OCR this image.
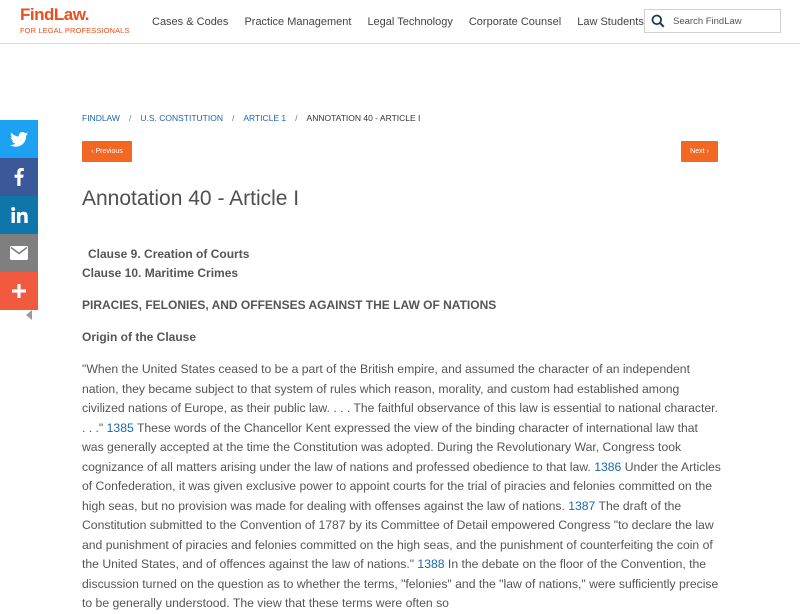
FindLaw.
FOR LEGAL PROFESSIONALS
Cases & Codes Practice Management Legal Technology Corporate Counsel Law Students
Search FindLaw
FINDLAW / U.S. CONSTITUTION / ARTICLE 1 / ANNOTATION 40 - ARTICLE I
‹ Previous	Next ›
Annotation 40 - Article I
Clause 9. Creation of Courts
Clause 10. Maritime Crimes
PIRACIES, FELONIES, AND OFFENSES AGAINST THE LAW OF NATIONS
Origin of the Clause

"When the United States ceased to be a part of the British empire, and assumed the character of an independent nation, they became subject to that system of rules which reason, morality, and custom had established among civilized nations of Europe, as their public law. . . . The faithful observance of this law is essential to national character. . . ." 1385 These words of the Chancellor Kent expressed the view of the binding character of international law that was generally accepted at the time the Constitution was adopted. During the Revolutionary War, Congress took cognizance of all matters arising under the law of nations and professed obedience to that law. 1386 Under the Articles of Confederation, it was given exclusive power to appoint courts for the trial of piracies and felonies committed on the high seas, but no provision was made for dealing with offenses against the law of nations. 1387 The draft of the Constitution submitted to the Convention of 1787 by its Committee of Detail empowered Congress "to declare the law and punishment of piracies and felonies committed on the high seas, and the punishment of counterfeiting the coin of the United States, and of offences against the law of nations." 1388 In the debate on the floor of the Convention, the discussion turned on the question as to whether the terms, "felonies" and the "law of nations," were sufficiently precise to be generally understood. The view that these terms were often so
